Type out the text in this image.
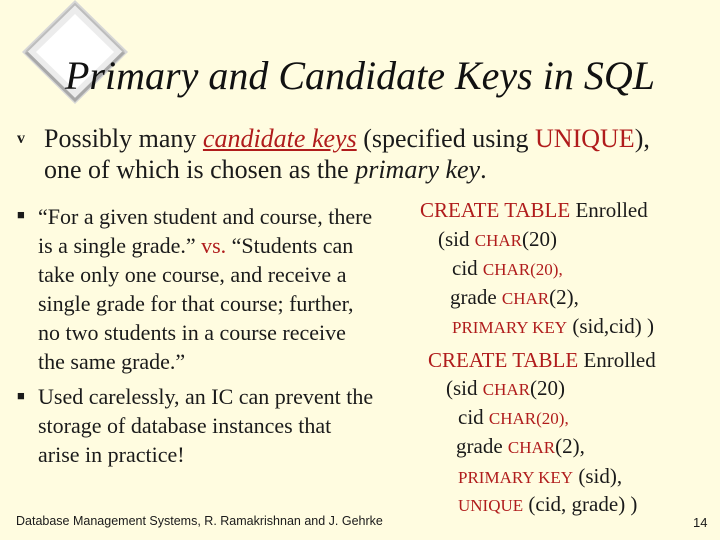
Primary and Candidate Keys in SQL
v Possibly many candidate keys (specified using UNIQUE),
one of which is chosen as the primary key.
■ “For a given student and course, there
is a single grade.” vs. “Students can
take only one course, and receive a
single grade for that course; further,
no two students in a course receive
the same grade.”
■ Used carelessly, an IC can prevent the
storage of database instances that
arise in practice!
CREATE TABLE Enrolled
(sid CHAR(20)
cid CHAR(20),
grade CHAR(2),
PRIMARY KEY (sid,cid) )
CREATE TABLE Enrolled
(sid CHAR(20)
cid CHAR(20),
grade CHAR(2),
PRIMARY KEY (sid),
UNIQUE (cid, grade) )
Database Management Systems, R. Ramakrishnan and J. Gehrke	14
